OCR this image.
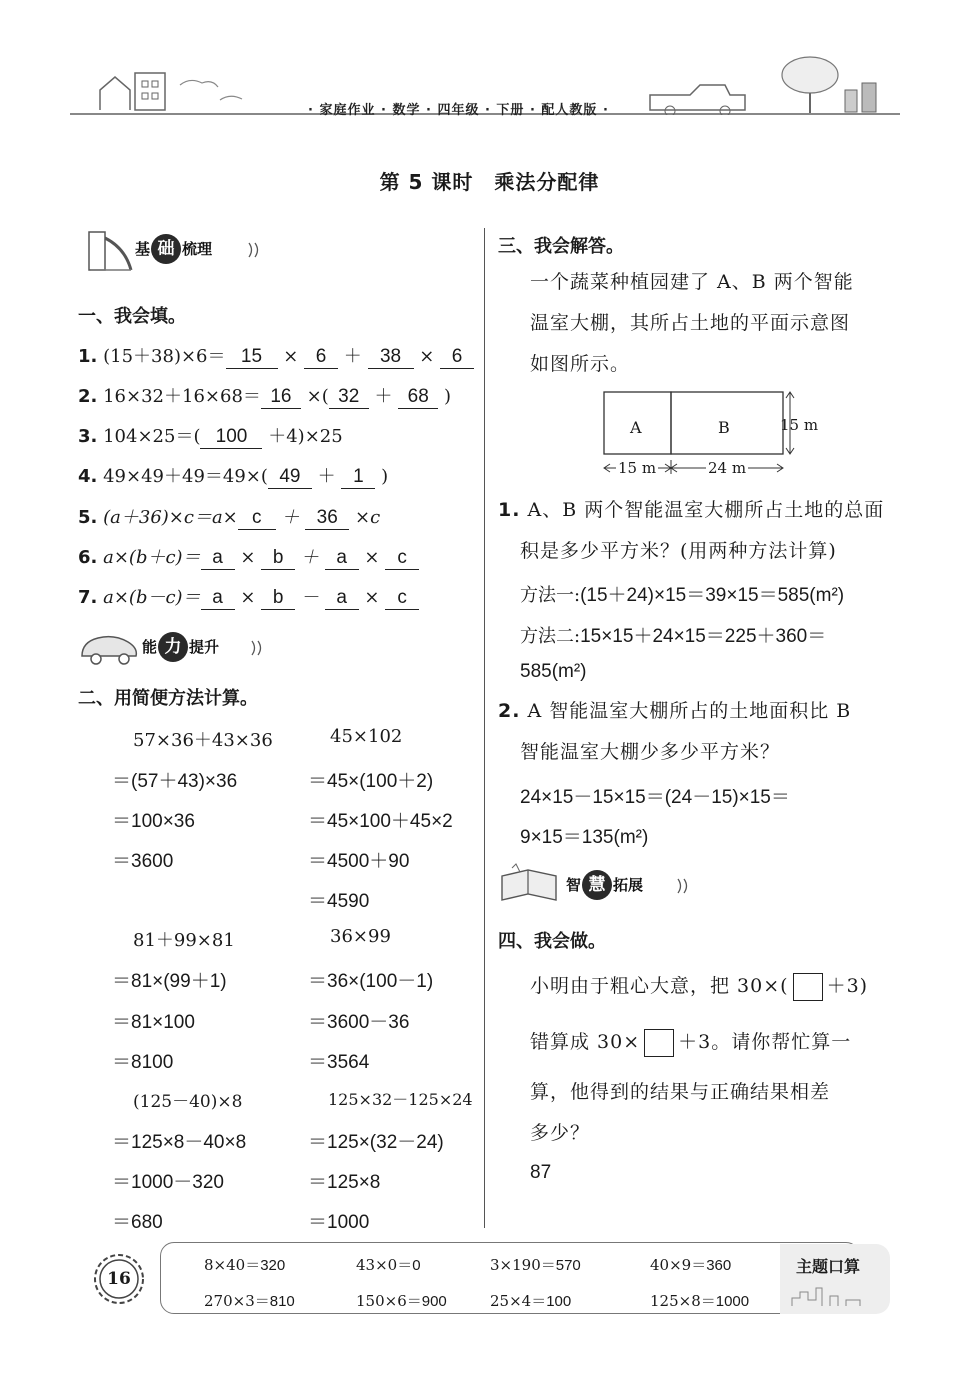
· 家庭作业 · 数学 · 四年级 · 下册 · 配人教版 ·
第 5 课时　乘法分配律
基 础 梳理
一、我会填。
1. (15＋38)×6＝ 15 × 6 ＋ 38 × 6
2. 16×32＋16×68＝ 16 ×( 32 ＋ 68 )
3. 104×25＝( 100 ＋4)×25
4. 49×49＋49＝49×( 49 ＋ 1 )
5. (a＋36)×c＝a× c ＋ 36 ×c
6. a×(b＋c)＝ a × b ＋ a × c
7. a×(b－c)＝ a × b － a × c
能 力 提升
二、用简便方法计算。
57×36＋43×36
＝(57＋43)×36
＝100×36
＝3600
81＋99×81
＝81×(99＋1)
＝81×100
＝8100
(125－40)×8
＝125×8－40×8
＝1000－320
＝680
45×102
＝45×(100＋2)
＝45×100＋45×2
＝4500＋90
＝4590
36×99
＝36×(100－1)
＝3600－36
＝3564
125×32－125×24
＝125×(32－24)
＝125×8
＝1000
三、我会解答。
一个蔬菜种植园建了 A、B 两个智能
温室大棚，其所占土地的平面示意图
如图所示。
A	B	15 m
15 m	24 m
1. A、B 两个智能温室大棚所占土地的总面
积是多少平方米？(用两种方法计算)
方法一:(15＋24)×15＝39×15＝585(m²)
方法二:15×15＋24×15＝225＋360＝
585(m²)
2. A 智能温室大棚所占的土地面积比 B
智能温室大棚少多少平方米？
24×15－15×15＝(24－15)×15＝
9×15＝135(m²)
智 慧 拓展
四、我会做。
小明由于粗心大意，把 30×( ＋3)
错算成 30× ＋3。请你帮忙算一
算，他得到的结果与正确结果相差
多少？
87
16
主题口算
8×40＝320	43×0＝0	3×190＝570	40×9＝360
270×3＝810	150×6＝900	25×4＝100	125×8＝1000
